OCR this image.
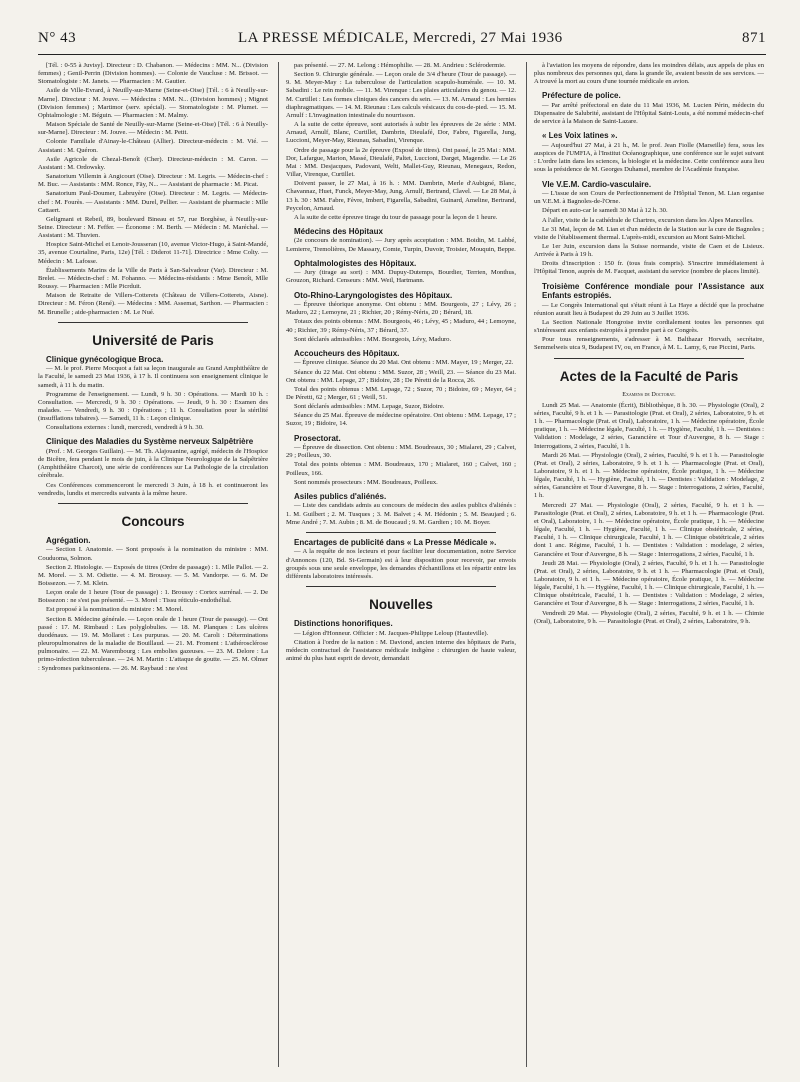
N° 43	LA PRESSE MÉDICALE, Mercredi, 27 Mai 1936	871

[Tél. : 0-55 à Juvisy]. Directeur : D. Chabanon. — Médecins : MM. N... (Division femmes) ; Genil-Perrin (Division hommes). — Colonie de Vaucluse : M. Brissot. — Stomatologiste : M. Janets. — Pharmacien : M. Gautier.

Asile de Ville-Evrard, à Neuilly-sur-Marne (Seine-et-Oise) [Tél. : 6 à Neuilly-sur-Marne]. Directeur : M. Jouve. — Médecins : MM. N... (Division hommes) ; Mignot (Division femmes) ; Martimor (serv. spécial). — Stomatologiste : M. Plumet. — Ophtalmologie : M. Béguin. — Pharmacien : M. Malmy.

Maison Spéciale de Santé de Neuilly-sur-Marne (Seine-et-Oise) [Tél. : 6 à Neuilly-sur-Marne]. Directeur : M. Jouve. — Médecin : M. Petit.

Colonie Familiale d'Ainay-le-Château (Allier). Directeur-médecin : M. Vié. — Assistant : M. Quéron.

Asile Agricole de Chezal-Benoît (Cher). Directeur-médecin : M. Caron. — Assistant : M. Ordowsky.

Sanatorium Villemin à Angicourt (Oise). Directeur : M. Legris. — Médecin-chef : M. Buc. — Assistants : MM. Ronce, Fäy, N... — Assistant de pharmacie : M. Picat.

Sanatorium Paul-Doumer, Labruyère (Oise). Directeur : M. Legris. — Médecin-chef : M. Fourès. — Assistants : MM. Durel, Pellier. — Assistant de pharmacie : Mlle Cattaert.

Geligmani et Rebeil, 89, boulevard Bineau et 57, rue Borghèse, à Neuilly-sur-Seine. Directeur : M. Feffer. — Économe : M. Berth. — Médecin : M. Maréchal. — Assistant : M. Thuvien.

Hospice Saint-Michel et Lenoir-Jousseran (10, avenue Victor-Hugo, à Saint-Mandé, 35, avenue Courtaline, Paris, 12e) [Tél. : Diderot 11-71]. Directrice : Mme Colty. — Médecin : M. Lafosse.

Établissements Marins de la Ville de Paris à San-Salvadour (Var). Directeur : M. Brelet. — Médecin-chef : M. Fohanno. — Médecins-résidants : Mme Benoît, Mlle Roussy. — Pharmacien : Mlle Picrduit.

Maison de Retraite de Villers-Cotterets (Château de Villers-Cotterets, Aisne). Directeur : M. Féron (René). — Médecins : MM. Assemat, Sarthon. — Pharmacien : M. Brunelle ; aide-pharmacien : M. Le Nué.

Université de Paris
Clinique gynécologique Broca.

— M. le prof. Pierre Mocquot a fait sa leçon inaugurale au Grand Amphithéâtre de la Faculté, le samedi 23 Mai 1936, à 17 h. Il continuera son enseignement clinique le samedi, à 11 h. du matin.

Programme de l'enseignement. — Lundi, 9 h. 30 : Opérations. — Mardi 10 h. : Consultation. — Mercredi, 9 h. 30 : Opérations. — Jeudi, 9 h. 30 : Examen des malades. — Vendredi, 9 h. 30 : Opérations ; 11 h. Consultation pour la stérilité (insufflations tubaires). — Samedi, 11 h. : Leçon clinique.

Consultations externes : lundi, mercredi, vendredi à 9 h. 30.

Clinique des Maladies du Système nerveux Salpêtrière

(Prof. : M. Georges Guillain). — M. Th. Alajouanine, agrégé, médecin de l'Hospice de Bicêtre, fera pendant le mois de juin, à la Clinique Neurologique de la Salpêtrière (Amphithéâtre Charcot), une série de conférences sur La Pathologie de la circulation cérébrale.

Ces Conférences commenceront le mercredi 3 Juin, à 18 h. et continueront les vendredis, lundis et mercredis suivants à la même heure.

Concours
Agrégation.

— Section I. Anatomie. — Sont proposés à la nomination du ministre : MM. Couduoma, Solmon.

Section 2. Histologie. — Exposés de titres (Ordre de passage) : 1. Mlle Pallot. — 2. M. Morel. — 3. M. Odiette. — 4. M. Broussy. — 5. M. Vandorpe. — 6. M. De Boissezon. — 7. M. Klein.

Leçon orale de 1 heure (Tour de passage) : 1. Broussy : Cortex surrénal. — 2. De Boissezon : ne s'est pas présenté. — 3. Morel : Tissu réticulo-endothélial.

Est proposé à la nomination du ministre : M. Morel.

Section 8. Médecine générale. — Leçon orale de 1 heure (Tour de passage). — Ont passé : 17. M. Rimbaud : Les polyglobulies. — 18. M. Planques : Les ulcères duodénaux. — 19. M. Mollaret : Les purpuras. — 20. M. Caroli : Déterminations pleuropulmonaires de la maladie de Bouillaud. — 21. M. Froment : L'athérosclérose pulmonaire. — 22. M. Warembourg : Les embolies gazeuses. — 23. M. Delore : La primo-infection tuberculeuse. — 24. M. Martin : L'attaque de goutte. — 25. M. Olmer : Syndromes parkinsoniens. — 26. M. Raybaud : ne s'est

pas présenté. — 27. M. Lelong : Hémophilie. — 28. M. Andrieu : Sclérodermie.

Section 9. Chirurgie générale. — Leçon orale de 3/4 d'heure (Tour de passage). — 9. M. Meyer-May : La tuberculose de l'articulation scapulo-humérale. — 10. M. Sabadini : Le rein mobile. — 11. M. Virenque : Les plaies articulaires du genou. — 12. M. Curtillet : Les formes cliniques des cancers du sein. — 13. M. Arnaud : Les hernies diaphragmatiques. — 14. M. Rieunau : Les calculs vésicaux du cou-de-pied. — 15. M. Arnulf : L'invagination intestinale du nourrisson.

A la suite de cette épreuve, sont autorisés à subir les épreuves de 2e série : MM. Arnaud, Arnulf, Blanc, Curtillet, Dambrin, Dieulafé, Dor, Fabre, Figarella, Jung, Luccioni, Meyer-May, Rieunau, Sabadini, Virenque.

Ordre de passage pour la 2e épreuve (Exposé de titres). Ont passé, le 25 Mai : MM. Dor, Lafargue, Marion, Massé, Dieulafé, Paltet, Luccioni, Darget, Magendie. — Le 26 Mai : MM. Desjacques, Padovani, Welti, Mallet-Guy, Rieunau, Menegaux, Redon, Villar, Virenque, Curtillet.

Doivent passer, le 27 Mai, à 16 h. : MM. Dambrin, Merle d'Aubigné, Blanc, Chavannaz, Huet, Funck, Meyer-May, Jung, Arnulf, Bertrand, Clavel. — Le 28 Mai, à 13 h. 30 : MM. Fabre, Fèvre, Imbert, Figarella, Sabadini, Guinard, Ameline, Bertrand, Peycelon, Arnaud.

A la suite de cette épreuve tirage du tour de passage pour la leçon de 1 heure.

Médecins des Hôpitaux

(2e concours de nomination). — Jury après acceptation : MM. Boidin, M. Labbé, Lemierre, Tremolières, De Massary, Comte, Turpin, Duvoir, Troisier, Mouquin, Beppe.

Ophtalmologistes des Hôpitaux.

— Jury (tirage au sort) : MM. Dupuy-Dutemps, Bourdier, Terrien, Monthus, Grouzon, Richard. Censeurs : MM. Weil, Hartmann.

Oto-Rhino-Laryngologistes des Hôpitaux.

— Épreuve théorique anonyme. Ont obtenu : MM. Bourgeois, 27 ; Lévy, 26 ; Maduro, 22 ; Lemoyne, 21 ; Richier, 20 ; Rémy-Néris, 20 ; Bérard, 18.

Totaux des points obtenus : MM. Bourgeois, 46 ; Lévy, 45 ; Maduro, 44 ; Lemoyne, 40 ; Richier, 39 ; Rémy-Néris, 37 ; Bérard, 37.

Sont déclarés admissibles : MM. Bourgeois, Lévy, Maduro.

Accoucheurs des Hôpitaux.

— Épreuve clinique. Séance du 20 Mai. Ont obtenu : MM. Mayer, 19 ; Merger, 22.

Séance du 22 Mai. Ont obtenu : MM. Suzor, 28 ; Weill, 23. — Séance du 23 Mai. Ont obtenu : MM. Lepage, 27 ; Bidoire, 28 ; De Péretti de la Rocca, 26.

Total des points obtenus : MM. Lepage, 72 ; Suzor, 70 ; Bidoire, 69 ; Meyer, 64 ; De Péretti, 62 ; Merger, 61 ; Weill, 51.

Sont déclarés admissibles : MM. Lepage, Suzor, Bidoire.

Séance du 25 Mai. Épreuve de médecine opératoire. Ont obtenu : MM. Lepage, 17 ; Suzor, 19 ; Bidoire, 14.

Prosectorat.

— Épreuve de dissection. Ont obtenu : MM. Boudreaux, 30 ; Mialaret, 29 ; Calvet, 29 ; Poilleux, 30.

Total des points obtenus : MM. Boudreaux, 170 ; Mialaret, 160 ; Calvet, 160 ; Poilleux, 166.

Sont nommés prosecteurs : MM. Boudreaux, Poilleux.

Asiles publics d'aliénés.

— Liste des candidats admis au concours de médecin des asiles publics d'aliénés : 1. M. Guilbert ; 2. M. Tusques ; 3. M. Balvet ; 4. M. Hédonin ; 5. M. Beaujard ; 6. Mme André ; 7. M. Aubin ; 8. M. de Boucaud ; 9. M. Gardien ; 10. M. Boyer.

Encartages de publicité dans « La Presse Médicale ».

— A la requête de nos lecteurs et pour faciliter leur documentation, notre Service d'Annonces (120, Bd. St-Germain) est à leur disposition pour recevoir, par envois groupés sous une seule enveloppe, les demandes d'échantillons et les répartir entre les différents laboratoires intéressés.

Nouvelles
Distinctions honorifiques.

— Légion d'Honneur. Officier : M. Jacques-Philippe Leloup (Hauteville).

Citation à l'ordre de la nation : M. Daviond, ancien interne des hôpitaux de Paris, médecin contractuel de l'assistance médicale indigène : chirurgien de haute valeur, animé du plus haut esprit de devoir, demandait

à l'aviation les moyens de répondre, dans les moindres délais, aux appels de plus en plus nombreux des personnes qui, dans la grande île, avaient besoin de ses services. — A trouvé la mort au cours d'une tournée médicale en avion.

Préfecture de police.

— Par arrêté préfectoral en date du 11 Mai 1936, M. Lucien Périn, médecin du Dispensaire de Salubrité, assistant de l'Hôpital Saint-Louis, a été nommé médecin-chef de service à la Maison de Saint-Lazare.

« Les Voix latines ».

— Aujourd'hui 27 Mai, à 21 h., M. le prof. Jean Fiolle (Marseille) fera, sous les auspices de l'UMFIA, à l'Institut Océanographique, une conférence sur le sujet suivant : L'ordre latin dans les sciences, la biologie et la médecine. Cette conférence aura lieu sous la présidence de M. Georges Duhamel, membre de l'Académie française.

VIe V.E.M. Cardio-vasculaire.

— L'issue de son Cours de Perfectionnement de l'Hôpital Tenon, M. Lian organise un V.E.M. à Bagnoles-de-l'Orne.

Départ en auto-car le samedi 30 Mai à 12 h. 30.

A l'aller, visite de la cathédrale de Chartres, excursion dans les Alpes Mancelles.

Le 31 Mai, leçon de M. Lian et d'un médecin de la Station sur la cure de Bagnoles ; visite de l'établissement thermal. L'après-midi, excursion au Mont Saint-Michel.

Le 1er Juin, excursion dans la Suisse normande, visite de Caen et de Lisieux. Arrivée à Paris à 19 h.

Droits d'inscription : 150 fr. (tous frais compris). S'inscrire immédiatement à l'Hôpital Tenon, auprès de M. Facquet, assistant du service (nombre de places limité).

Troisième Conférence mondiale pour l'Assistance aux Enfants estropiés.

— Le Congrès International qui s'était réuni à La Haye a décidé que la prochaine réunion aurait lieu à Budapest du 29 Juin au 3 Juillet 1936.

La Section Nationale Hongroise invite cordialement toutes les personnes qui s'intéressent aux enfants estropiés à prendre part à ce Congrès.

Pour tous renseignements, s'adresser à M. Balthazar Horvath, secrétaire, Semmelweis utca 9, Budapest IV, ou, en France, à M. L. Lamy, 6, rue Piccini, Paris.

Actes de la Faculté de Paris
Examens de Doctorat.

Lundi 25 Mai. — Anatomie (Écrit), Bibliothèque, 8 h. 30. — Physiologie (Oral), 2 séries, Faculté, 9 h. et 1 h. — Parasitologie (Prat. et Oral), 2 séries, Laboratoire, 9 h. et 1 h. — Pharmacologie (Prat. et Oral), Laboratoire, 1 h. — Médecine opératoire, École pratique, 1 h. — Médecine légale, Faculté, 1 h. — Hygiène, Faculté, 1 h. — Dentistes : Validation : Modelage, 2 séries, Garancière et Tour d'Auvergne, 8 h. — Stage : Interrogations, 2 séries, Faculté, 1 h.

Mardi 26 Mai. — Physiologie (Oral), 2 séries, Faculté, 9 h. et 1 h. — Parasitologie (Prat. et Oral), 2 séries, Laboratoire, 9 h. et 1 h. — Pharmacologie (Prat. et Oral), Laboratoire, 9 h. et 1 h. — Médecine opératoire, École pratique, 1 h. — Médecine légale, Faculté, 1 h. — Hygiène, Faculté, 1 h. — Dentistes : Validation : Modelage, 2 séries, Garancière et Tour d'Auvergne, 8 h. — Stage : Interrogations, 2 séries, Faculté, 1 h.

Mercredi 27 Mai. — Physiologie (Oral), 2 séries, Faculté, 9 h. et 1 h. — Parasitologie (Prat. et Oral), 2 séries, Laboratoire, 9 h. et 1 h. — Pharmacologie (Prat. et Oral), Laboratoire, 1 h. — Médecine opératoire, École pratique, 1 h. — Médecine légale, Faculté, 1 h. — Hygiène, Faculté, 1 h. — Clinique obstétricale, 2 séries, Faculté, 1 h. — Clinique chirurgicale, Faculté, 1 h. — Clinique obstétricale, 2 séries dont 1 anc. Régime, Faculté, 1 h. — Dentistes : Validation : modelage, 2 séries, Garancière et Tour d'Auvergne, 8 h. — Stage : Interrogations, 2 séries, Faculté, 1 h.

Jeudi 28 Mai. — Physiologie (Oral), 2 séries, Faculté, 9 h. et 1 h. — Parasitologie (Prat. et Oral), 2 séries, Laboratoire, 9 h. et 1 h. — Pharmacologie (Prat. et Oral), Laboratoire, 9 h. et 1 h. — Médecine opératoire, École pratique, 1 h. — Médecine légale, Faculté, 1 h. — Hygiène, Faculté, 1 h. — Clinique chirurgicale, Faculté, 1 h. — Clinique obstétricale, Faculté, 1 h. — Dentistes : Validation : Modelage, 2 séries, Garancière et Tour d'Auvergne, 8 h. — Stage : Interrogations, 2 séries, Faculté, 1 h.

Vendredi 29 Mai. — Physiologie (Oral), 2 séries, Faculté, 9 h. et 1 h. — Chimie (Oral), Laboratoire, 9 h. — Parasitologie (Prat. et Oral), 2 séries, Laboratoire, 9 h.
